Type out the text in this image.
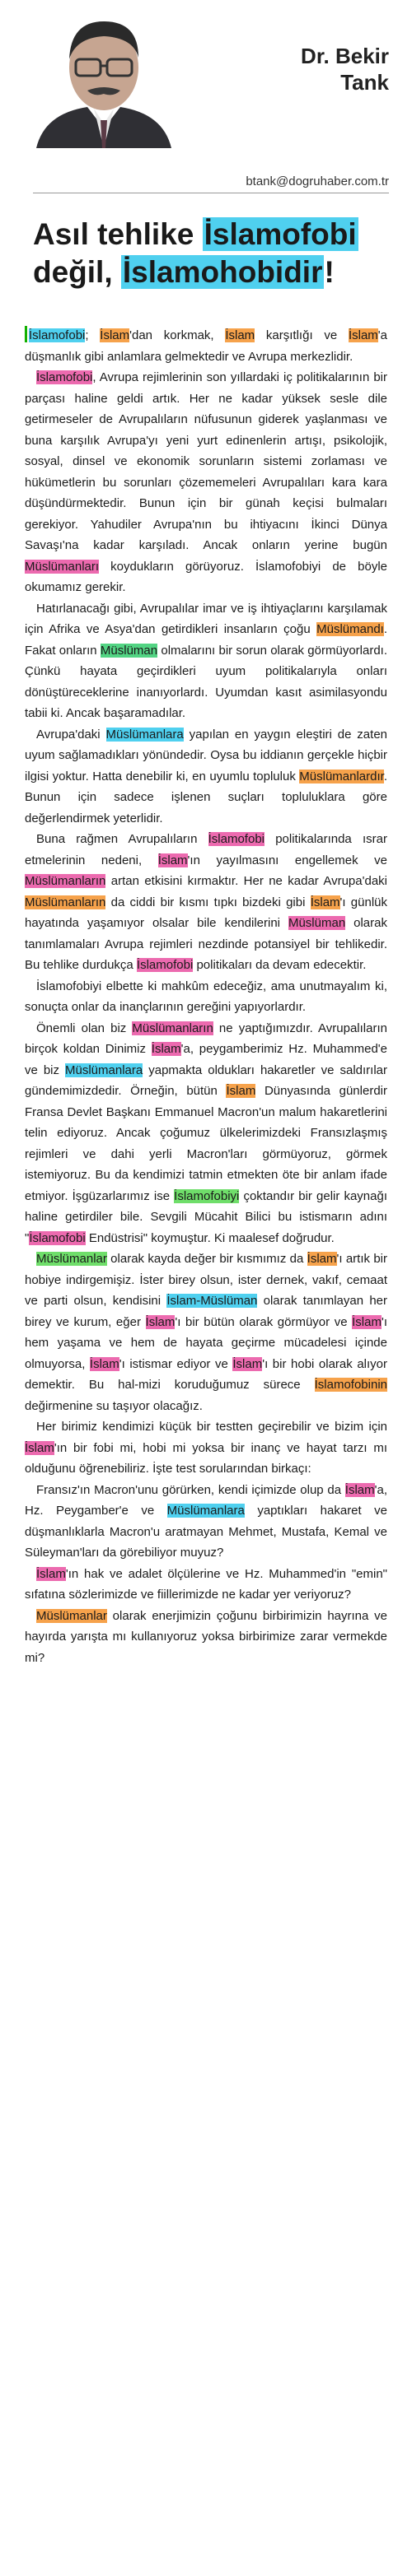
Dr. Bekir
Tank
btank@dogruhaber.com.tr
Asıl tehlike İslamofobi
değil, İslamohobidir!

İslamofobi; İslam'dan korkmak, İslam karşıtlığı ve İslam'a düşmanlık gibi anlamlara gelmektedir ve Avrupa merkezlidir.

İslamofobi, Avrupa rejimlerinin son yıllardaki iç politikalarının bir parçası haline geldi artık. Her ne kadar yüksek sesle dile getirmeseler de Avrupalıların nüfusunun giderek yaşlanması ve buna karşılık Avrupa'yı yeni yurt edinenlerin artışı, psikolojik, sosyal, dinsel ve ekonomik sorunların sistemi zorlaması ve hükümetlerin bu sorunları çözememeleri Avrupalıları kara kara düşündürmektedir. Bunun için bir günah keçisi bulmaları gerekiyor. Yahudiler Avrupa'nın bu ihtiyacını İkinci Dünya Savaşı'na kadar karşıladı. Ancak onların yerine bugün Müslümanları koydukların görüyoruz. İslamofobiyi de böyle okumamız gerekir.

Hatırlanacağı gibi, Avrupalılar imar ve iş ihtiyaçlarını karşılamak için Afrika ve Asya'dan getirdikleri insanların çoğu Müslümandı. Fakat onların Müslüman olmalarını bir sorun olarak görmüyorlardı. Çünkü hayata geçirdikleri uyum politikalarıyla onları dönüştüreceklerine inanıyorlardı. Uyumdan kasıt asimilasyondu tabii ki. Ancak başaramadılar.

Avrupa'daki Müslümanlara yapılan en yaygın eleştiri de zaten uyum sağlamadıkları yönündedir. Oysa bu iddianın gerçekle hiçbir ilgisi yoktur. Hatta denebilir ki, en uyumlu topluluk Müslümanlardır. Bunun için sadece işlenen suçları topluluklara göre değerlendirmek yeterlidir.

Buna rağmen Avrupalıların İslamofobi politikalarında ısrar etmelerinin nedeni, İslam'ın yayılmasını engellemek ve Müslümanların artan etkisini kırmaktır. Her ne kadar Avrupa'daki Müslümanların da ciddi bir kısmı tıpkı bizdeki gibi İslam'ı günlük hayatında yaşamıyor olsalar bile kendilerini Müslüman olarak tanımlamaları Avrupa rejimleri nezdinde potansiyel bir tehlikedir. Bu tehlike durdukça İslamofobi politikaları da devam edecektir.

İslamofobiyi elbette ki mahkûm edeceğiz, ama unutmayalım ki, sonuçta onlar da inançlarının gereğini yapıyorlardır.

Önemli olan biz Müslümanların ne yaptığımızdır. Avrupalıların birçok koldan Dinimiz İslam'a, peygamberimiz Hz. Muhammed'e ve biz Müslümanlara yapmakta oldukları hakaretler ve saldırılar gündemimizdedir. Örneğin, bütün İslam Dünyasında günlerdir Fransa Devlet Başkanı Emmanuel Macron'un malum hakaretlerini telin ediyoruz. Ancak çoğumuz ülkelerimizdeki Fransızlaşmış rejimleri ve dahi yerli Macron'ları görmüyoruz, görmek istemiyoruz. Bu da kendimizi tatmin etmekten öte bir anlam ifade etmiyor. İşgüzarlarımız ise İslamofobiyi çoktandır bir gelir kaynağı haline getirdiler bile. Sevgili Mücahit Bilici bu istismarın adını "İslamofobi Endüstrisi" koymuştur. Ki maalesef doğrudur.

Müslümanlar olarak kayda değer bir kısmımız da İslam'ı artık bir hobiye indirgemişiz. İster birey olsun, ister dernek, vakıf, cemaat ve parti olsun, kendisini İslam-Müslüman olarak tanımlayan her birey ve kurum, eğer İslam'ı bir bütün olarak görmüyor ve İslam'ı hem yaşama ve hem de hayata geçirme mücadelesi içinde olmuyorsa, İslam'ı istismar ediyor ve İslam'ı bir hobi olarak alıyor demektir. Bu hal-mizi koruduğumuz sürece İslamofobinin değirmenine su taşıyor olacağız.

Her birimiz kendimizi küçük bir testten geçirebilir ve bizim için İslam'ın bir fobi mi, hobi mi yoksa bir inanç ve hayat tarzı mı olduğunu öğrenebiliriz. İşte test sorularından birkaçı:

Fransız'ın Macron'unu görürken, kendi içimizde olup da İslam'a, Hz. Peygamber'e ve Müslümanlara yaptıkları hakaret ve düşmanlıklarla Macron'u aratmayan Mehmet, Mustafa, Kemal ve Süleyman'ları da görebiliyor muyuz?

İslam'ın hak ve adalet ölçülerine ve Hz. Muhammed'in "emin" sıfatına sözlerimizde ve fiillerimizde ne kadar yer veriyoruz?

Müslümanlar olarak enerjimizin çoğunu birbirimizin hayrına ve hayırda yarışta mı kullanıyoruz yoksa birbirimize zarar vermekde mi?
